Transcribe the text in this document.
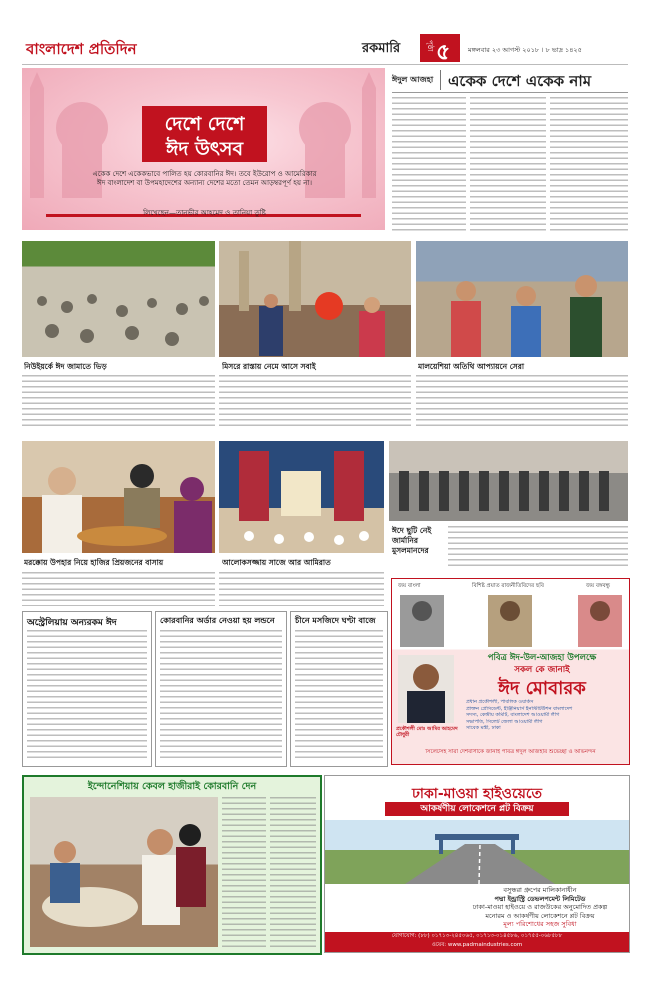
বাংলাদেশ প্রতিদিন	রকমারি	পৃষ্ঠা ৫	মঙ্গলবার ২৩ আগস্ট ২০১৮ । ৮ ভাদ্র ১৪২৫
দেশে দেশে
ঈদ উৎসব
একেক দেশে একেকভাবে পালিত হয় কোরবানির ঈদ। তবে ইউরোপ ও আমেরিকার ঈদ বাংলাদেশ বা উপমহাদেশের অন্যান্য দেশের মতো তেমন আড়ম্বরপূর্ণ হয় না।
লিখেছেন—তানভীর আহমেদ ও তানিয়া তুষ্টি
ঈদুল আজহা একেক দেশে একেক নাম
নিউইয়র্কে ঈদ জামাতে ভিড়	মিসরে রাস্তায় নেমে আসে সবাই	মালয়েশিয়া অতিথি আপ্যায়নে সেরা
মরক্কোয় উপহার নিয়ে হাজির প্রিয়জনের বাসায়	আলোকসজ্জায় সাজে আর আমিরাত
ঈদে ছুটি নেই জার্মানির মুসলমানদের
জয় বাংলা	বিশিষ্ট প্রয়াত রাজনীতিবিদের ছবি	জয় বঙ্গবন্ধু
পবিত্র ঈদ-উল-আজহা উপলক্ষে
সকল কে জানাই
ঈদ মোবারক
প্রকৌশলী মোঃ আমির আহমেদ চৌধুরী
প্রধান প্রকৌশলী, পাবলিক ওয়ার্কস
প্রাক্তন প্রেসিডেন্ট, ইঞ্জিনিয়ার্স ইনস্টিটিউশন বাংলাদেশ
সদস্য, কেন্দ্রীয় কমিটি, বাংলাদেশ আওয়ামী লীগ
সভাপতি, সিলেট জেলা আওয়ামী লীগ
সাবেক মন্ত্রী, ঢাকা
সিলেটসহ সারা দেশবাসীকে জানাই পবিত্র ঈদুল আজহার শুভেচ্ছা ও অভিনন্দন
অস্ট্রেলিয়ায় অন্যরকম ঈদ	কোরবানির অর্ডার নেওয়া হয় লন্ডনে	চীনে মসজিদে ঘণ্টা বাজে
ইন্দোনেশিয়ায় কেবল হাজীরাই কোরবানি দেন	ঢাকা-মাওয়া হাইওয়েতে
আকর্ষণীয় লোকেশনে প্লট বিক্রয়
বসুন্ধরা গ্রুপের মালিকানাধীন
পদ্মা ইন্ড্রাস্ট্রি ডেভলপমেন্ট লিমিটেড
ঢাকা-মাওয়া হাইওয়ে ও রাজউকের অনুমোদিত প্রকল্প
মনোরম ও আকর্ষণীয় লোকেশনে প্লট বিক্রয়
মূল্য পরিশোধের সহজ সুবিধা
যোগাযোগ: (৮৮) ০১৭১৩-২৪৫০৬৫, ০১৭১৩-০১৪৫৮৬, ০১৭৫৫-০৬৮৫৮৮
ওয়েব: www.padmaindustries.com
